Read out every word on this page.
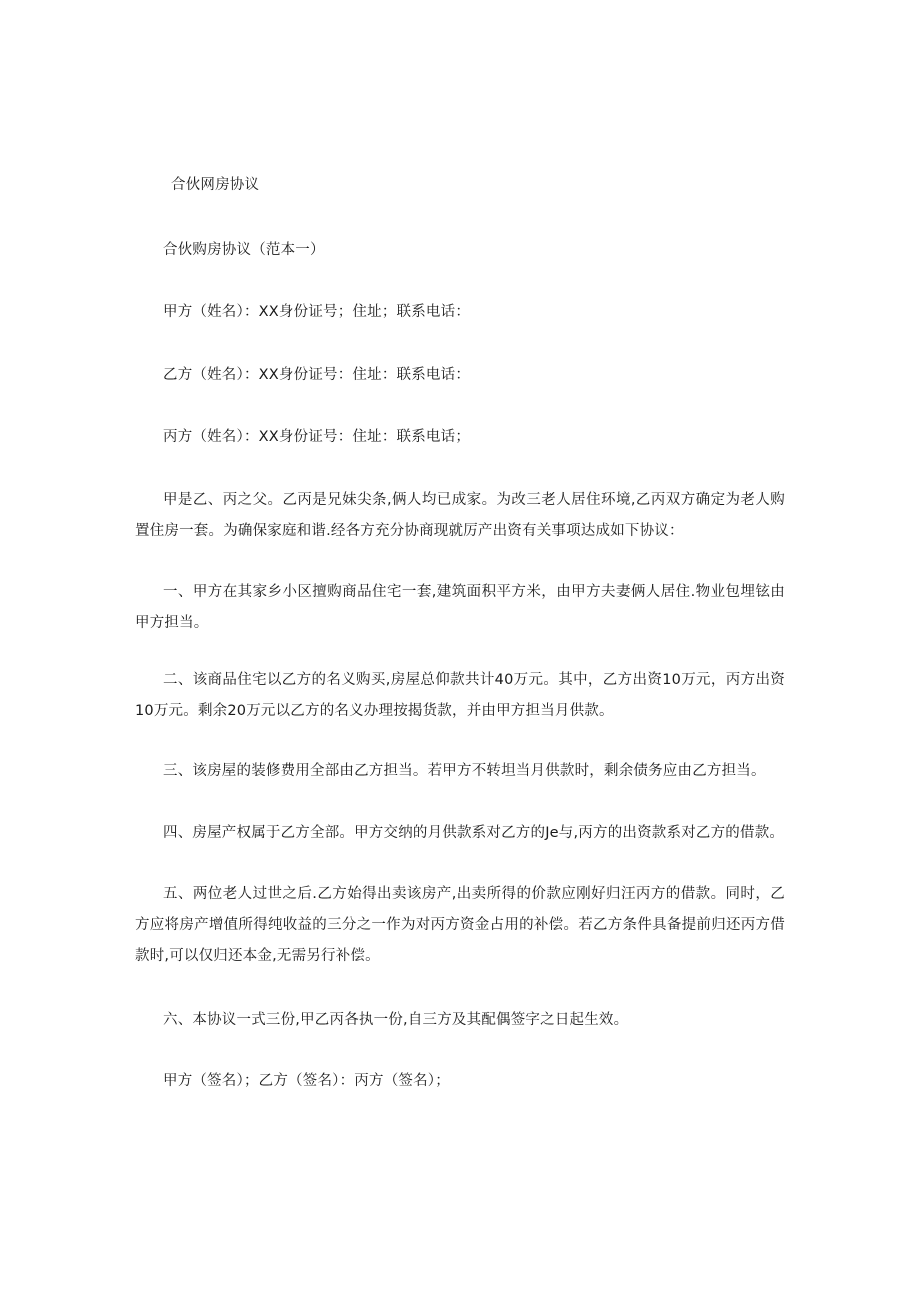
合伙网房协议
合伙购房协议（范本一）
甲方（姓名）：XX身份证号；住址；联系电话：
乙方（姓名）：XX身份证号：住址：联系电话：
丙方（姓名）：XX身份证号：住址：联系电话；
甲是乙、丙之父。乙丙是兄妹尖条,俩人均已成家。为改三老人居住环境,乙丙双方确定为老人购置住房一套。为确保家庭和谐.经各方充分协商现就厉产出资有关事项达成如下协议：
一、甲方在其家乡小区擅购商品住宅一套,建筑面积平方米，由甲方夫妻俩人居住.物业包埋铉由甲方担当。
二、该商品住宅以乙方的名义购买,房屋总仰款共计40万元。其中，乙方出资10万元，丙方出资10万元。剩余20万元以乙方的名义办理按揭货款，并由甲方担当月供款。
三、该房屋的装修费用全部由乙方担当。若甲方不转坦当月供款时，剩余债务应由乙方担当。
四、房屋产权属于乙方全部。甲方交纳的月供款系对乙方的Je与,丙方的出资款系对乙方的借款。
五、两位老人过世之后.乙方始得出卖该房产,出卖所得的价款应刚好归汪丙方的借款。同时，乙方应将房产增值所得纯收益的三分之一作为对丙方资金占用的补偿。若乙方条件具备提前归还丙方借款时,可以仅归还本金,无需另行补偿。
六、本协议一式三份,甲乙丙各执一份,自三方及其配偶签字之日起生效。
甲方（签名）；乙方（签名）：丙方（签名）；
